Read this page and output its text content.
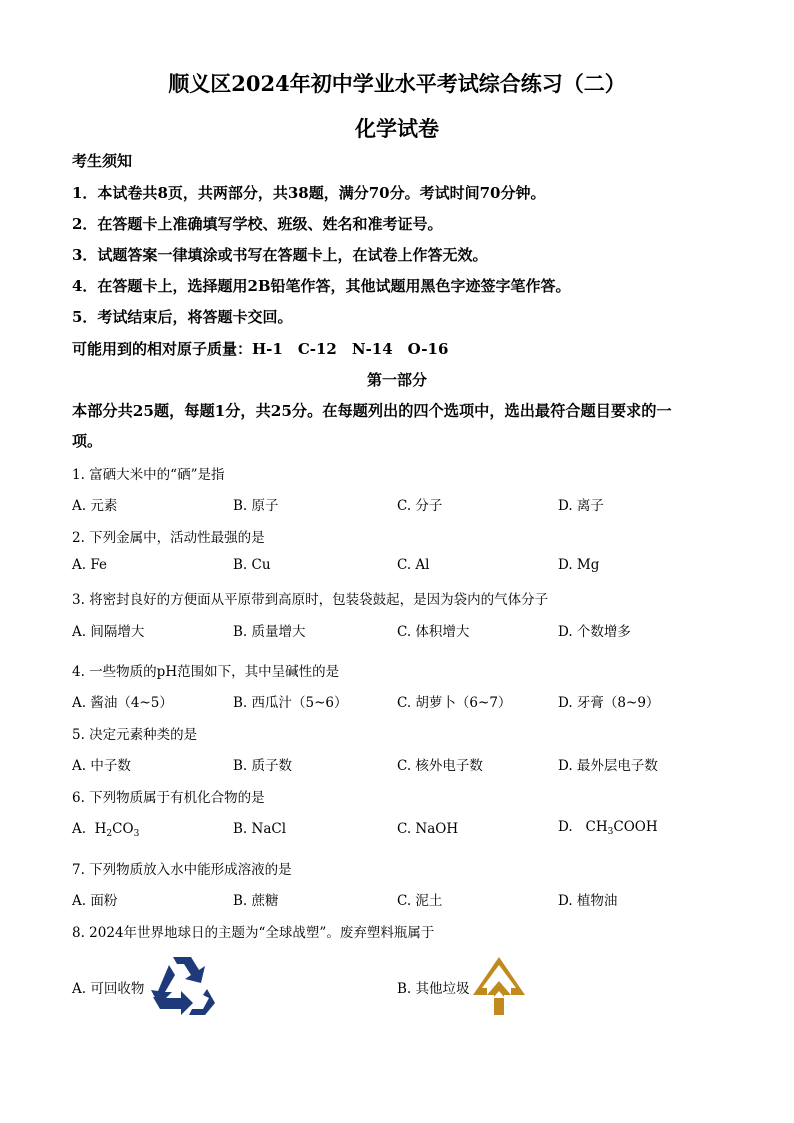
顺义区2024年初中学业水平考试综合练习（二）
化学试卷
考生须知
1．本试卷共8页，共两部分，共38题，满分70分。考试时间70分钟。
2．在答题卡上准确填写学校、班级、姓名和准考证号。
3．试题答案一律填涂或书写在答题卡上，在试卷上作答无效。
4．在答题卡上，选择题用2B铅笔作答，其他试题用黑色字迹签字笔作答。
5．考试结束后，将答题卡交回。
可能用到的相对原子质量：H-1　C-12　N-14　O-16
第一部分
本部分共25题，每题1分，共25分。在每题列出的四个选项中，选出最符合题目要求的一
项。
1. 富硒大米中的“硒”是指
A. 元素	B. 原子	C. 分子	D. 离子
2. 下列金属中，活动性最强的是
A. Fe	B. Cu	C. Al	D. Mg
3. 将密封良好的方便面从平原带到高原时，包装袋鼓起，是因为袋内的气体分子
A. 间隔增大	B. 质量增大	C. 体积增大	D. 个数增多
4. 一些物质的pH范围如下，其中呈碱性的是
A. 酱油（4~5）	B. 西瓜汁（5~6）	C. 胡萝卜（6~7）	D. 牙膏（8~9）
5. 决定元素种类的是
A. 中子数	B. 质子数	C. 核外电子数	D. 最外层电子数
6. 下列物质属于有机化合物的是
A. $H_2CO_3$	B. NaCl	C. NaOH	D. $CH_3COOH$
7. 下列物质放入水中能形成溶液的是
A. 面粉	B. 蔗糖	C. 泥土	D. 植物油
8. 2024年世界地球日的主题为“全球战塑”。废弃塑料瓶属于
A. 可回收物	B. 其他垃圾
